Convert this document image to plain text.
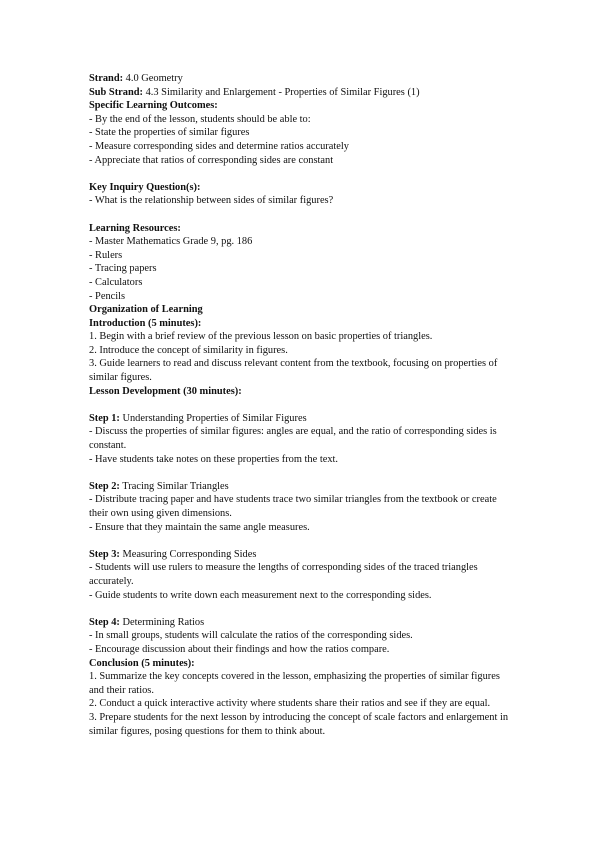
Strand: 4.0 Geometry
Sub Strand: 4.3 Similarity and Enlargement - Properties of Similar Figures (1)
Specific Learning Outcomes:
- By the end of the lesson, students should be able to:
- State the properties of similar figures
- Measure corresponding sides and determine ratios accurately
- Appreciate that ratios of corresponding sides are constant
Key Inquiry Question(s):
- What is the relationship between sides of similar figures?
Learning Resources:
- Master Mathematics Grade 9, pg. 186
- Rulers
- Tracing papers
- Calculators
- Pencils
Organization of Learning
Introduction (5 minutes):
1. Begin with a brief review of the previous lesson on basic properties of triangles.
2. Introduce the concept of similarity in figures.
3. Guide learners to read and discuss relevant content from the textbook, focusing on properties of similar figures.
Lesson Development (30 minutes):
Step 1: Understanding Properties of Similar Figures
- Discuss the properties of similar figures: angles are equal, and the ratio of corresponding sides is constant.
- Have students take notes on these properties from the text.
Step 2: Tracing Similar Triangles
- Distribute tracing paper and have students trace two similar triangles from the textbook or create their own using given dimensions.
- Ensure that they maintain the same angle measures.
Step 3: Measuring Corresponding Sides
- Students will use rulers to measure the lengths of corresponding sides of the traced triangles accurately.
- Guide students to write down each measurement next to the corresponding sides.
Step 4: Determining Ratios
- In small groups, students will calculate the ratios of the corresponding sides.
- Encourage discussion about their findings and how the ratios compare.
Conclusion (5 minutes):
1. Summarize the key concepts covered in the lesson, emphasizing the properties of similar figures and their ratios.
2. Conduct a quick interactive activity where students share their ratios and see if they are equal.
3. Prepare students for the next lesson by introducing the concept of scale factors and enlargement in similar figures, posing questions for them to think about.
